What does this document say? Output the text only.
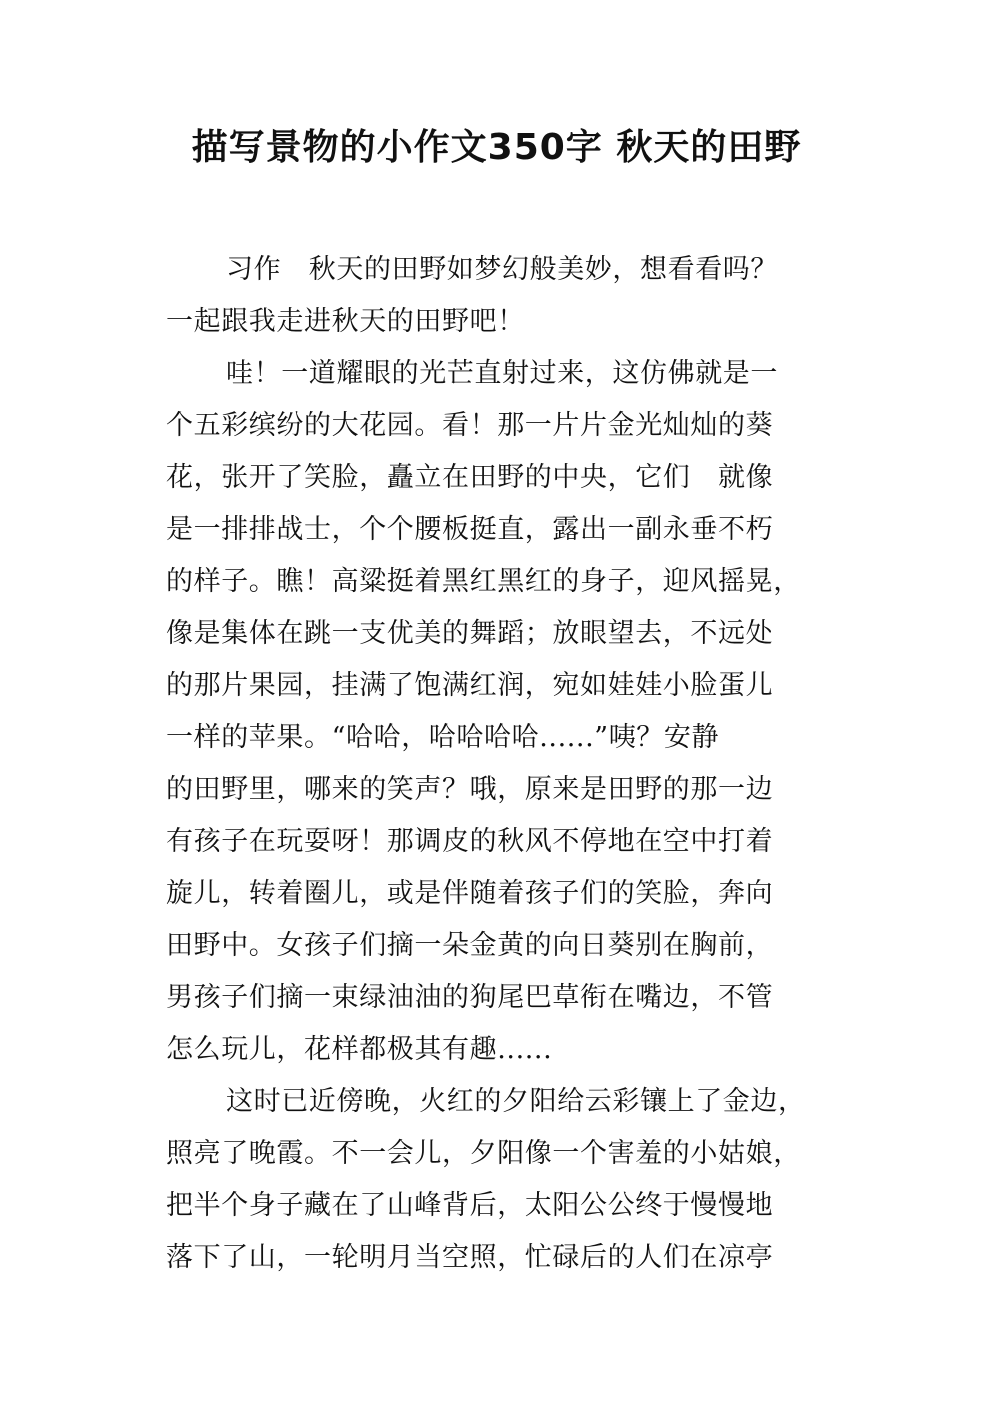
描写景物的小作文350字 秋天的田野

习作　秋天的田野如梦幻般美妙，想看看吗？

一起跟我走进秋天的田野吧！

哇！一道耀眼的光芒直射过来，这仿佛就是一

个五彩缤纷的大花园。看！那一片片金光灿灿的葵

花，张开了笑脸，矗立在田野的中央，它们　就像

是一排排战士，个个腰板挺直，露出一副永垂不朽

的样子。瞧！高粱挺着黑红黑红的身子，迎风摇晃，

像是集体在跳一支优美的舞蹈；放眼望去，不远处

的那片果园，挂满了饱满红润，宛如娃娃小脸蛋儿

一样的苹果。“哈哈，哈哈哈哈......”咦？安静

的田野里，哪来的笑声？哦，原来是田野的那一边

有孩子在玩耍呀！那调皮的秋风不停地在空中打着

旋儿，转着圈儿，或是伴随着孩子们的笑脸，奔向

田野中。女孩子们摘一朵金黄的向日葵别在胸前，

男孩子们摘一束绿油油的狗尾巴草衔在嘴边，不管

怎么玩儿，花样都极其有趣......

这时已近傍晚，火红的夕阳给云彩镶上了金边，

照亮了晚霞。不一会儿，夕阳像一个害羞的小姑娘，

把半个身子藏在了山峰背后，太阳公公终于慢慢地

落下了山，一轮明月当空照，忙碌后的人们在凉亭
